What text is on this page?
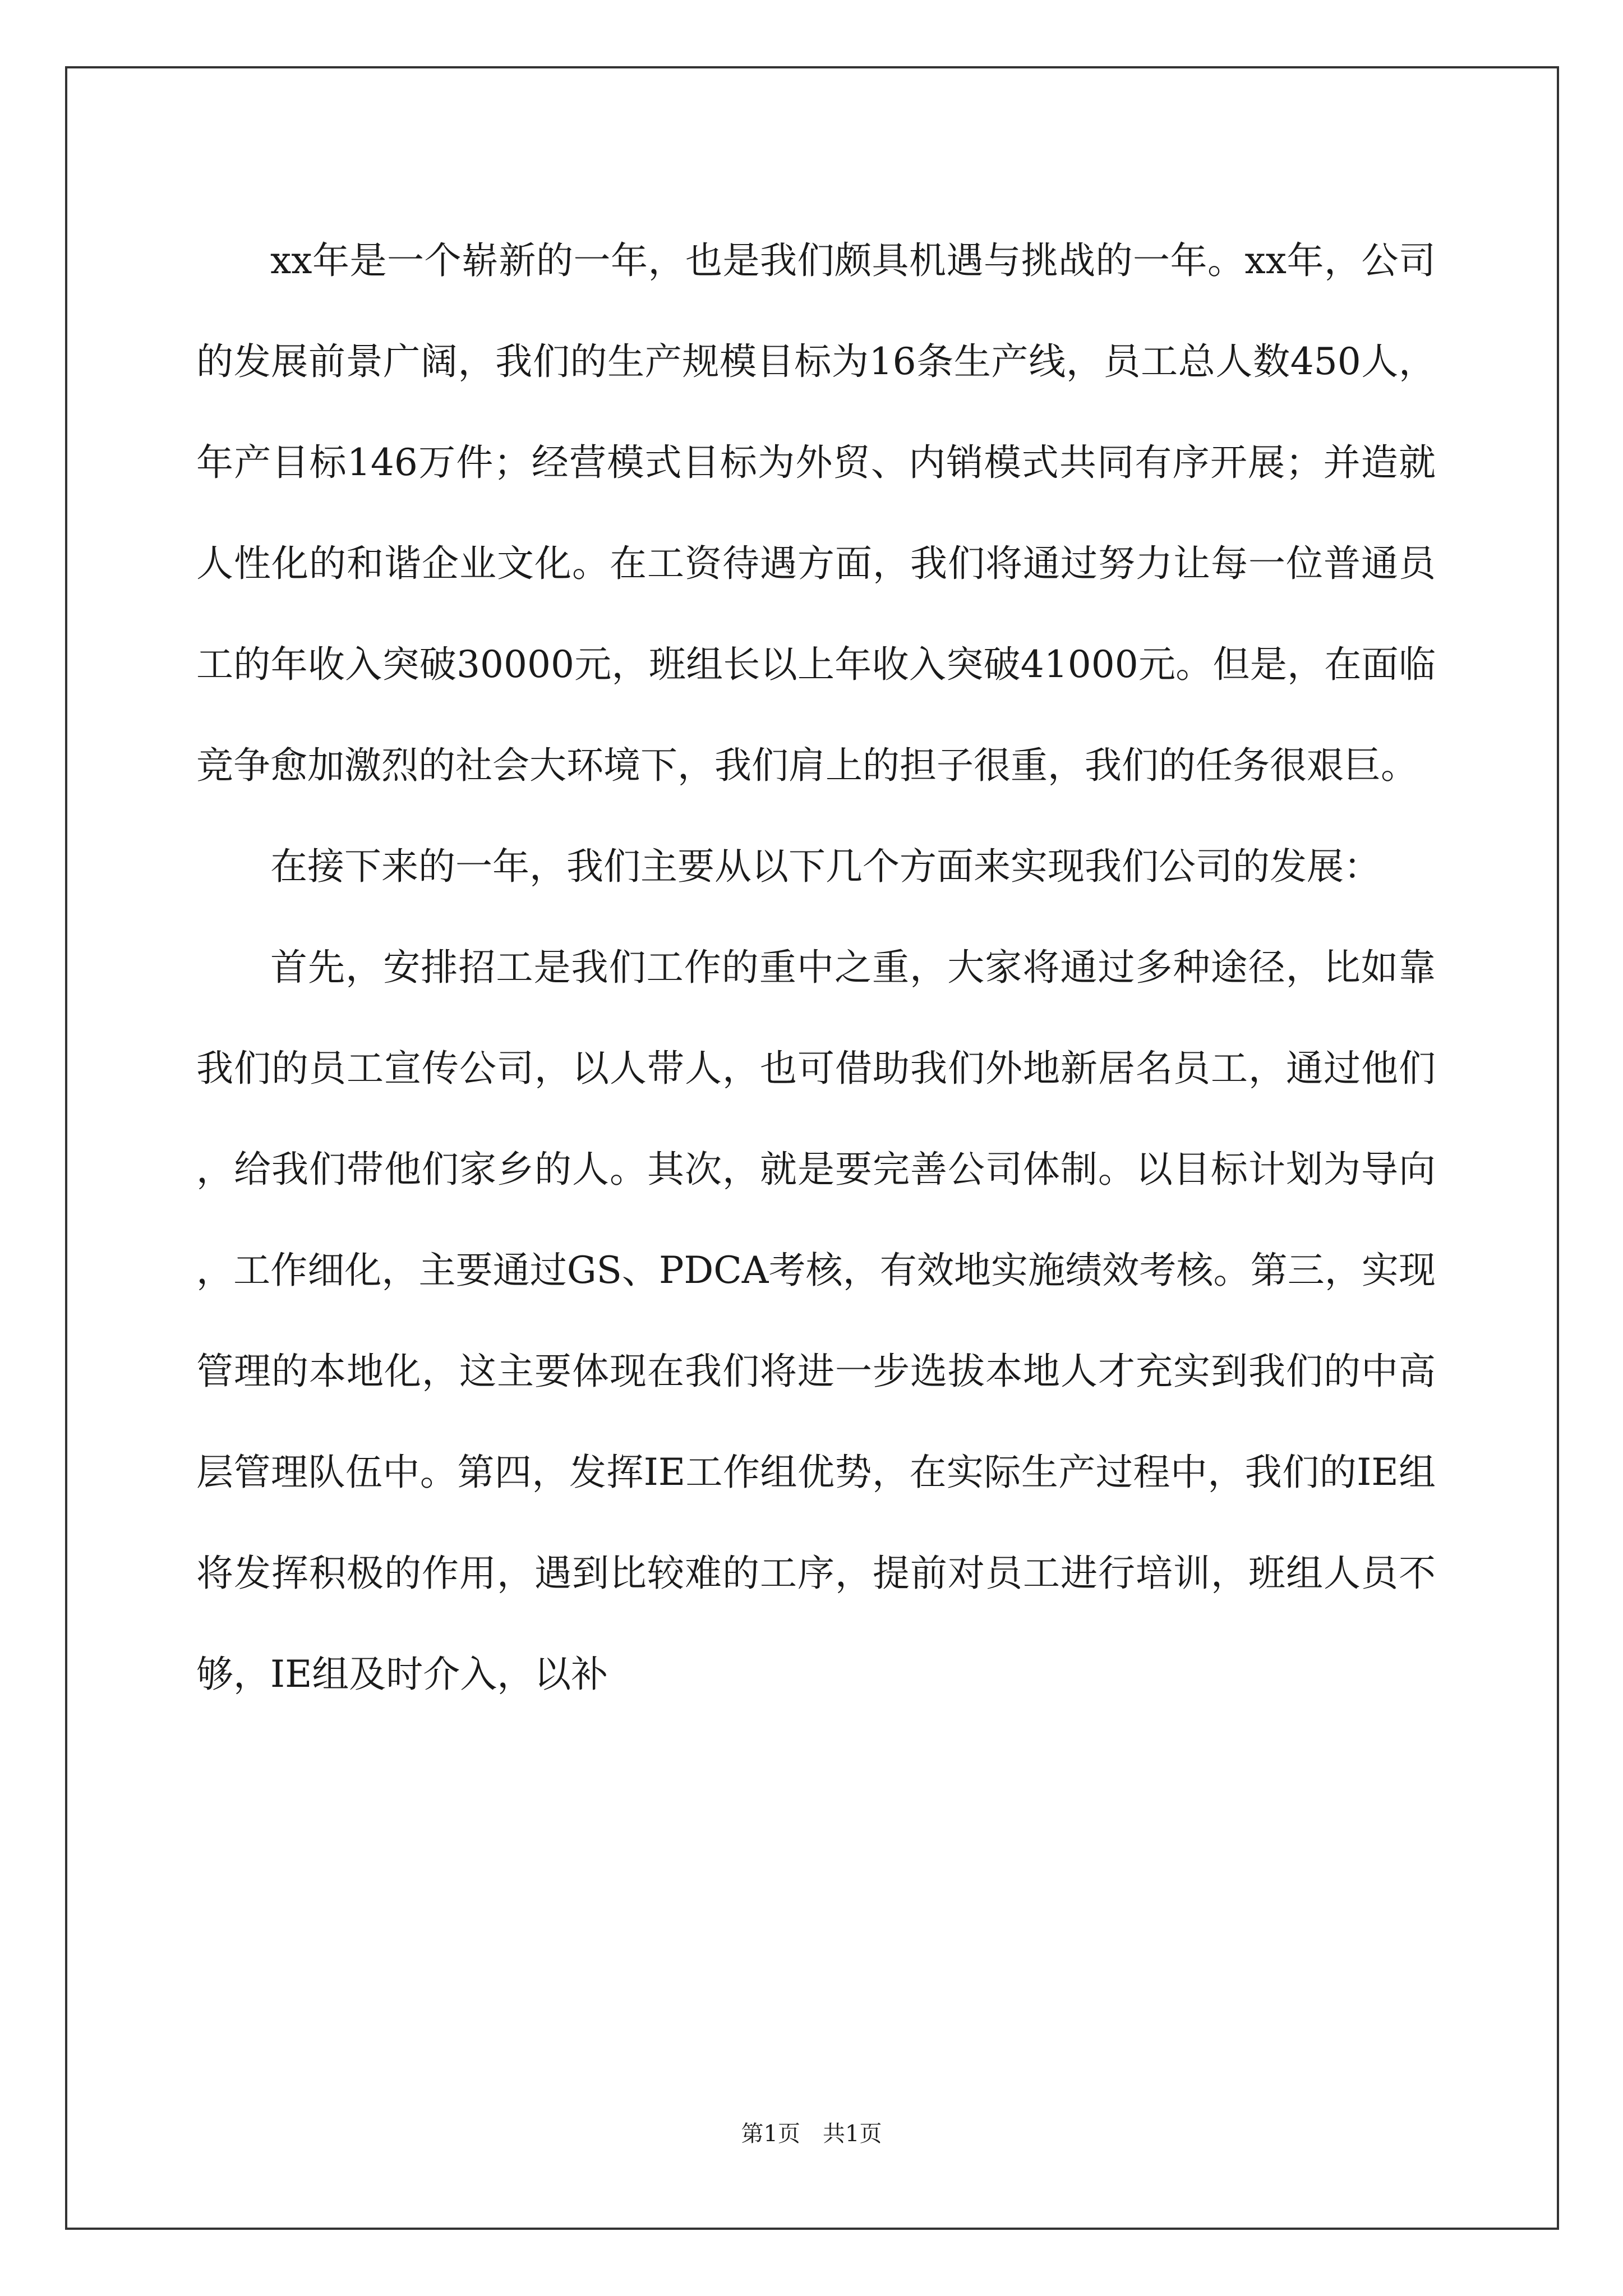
xx年是一个崭新的一年，也是我们颇具机遇与挑战的一年。xx年，公司的发展前景广阔，我们的生产规模目标为16条生产线，员工总人数450人，年产目标146万件；经营模式目标为外贸、内销模式共同有序开展；并造就人性化的和谐企业文化。在工资待遇方面，我们将通过努力让每一位普通员工的年收入突破30000元，班组长以上年收入突破41000元。但是，在面临竞争愈加激烈的社会大环境下，我们肩上的担子很重，我们的任务很艰巨。

在接下来的一年，我们主要从以下几个方面来实现我们公司的发展：

首先，安排招工是我们工作的重中之重，大家将通过多种途径，比如靠我们的员工宣传公司，以人带人，也可借助我们外地新居名员工，通过他们，给我们带他们家乡的人。其次，就是要完善公司体制。以目标计划为导向，工作细化，主要通过GS、PDCA考核，有效地实施绩效考核。第三，实现管理的本地化，这主要体现在我们将进一步选拔本地人才充实到我们的中高层管理队伍中。第四，发挥IE工作组优势，在实际生产过程中，我们的IE组将发挥积极的作用，遇到比较难的工序，提前对员工进行培训，班组人员不够，IE组及时介入，以补

第1页　共1页
